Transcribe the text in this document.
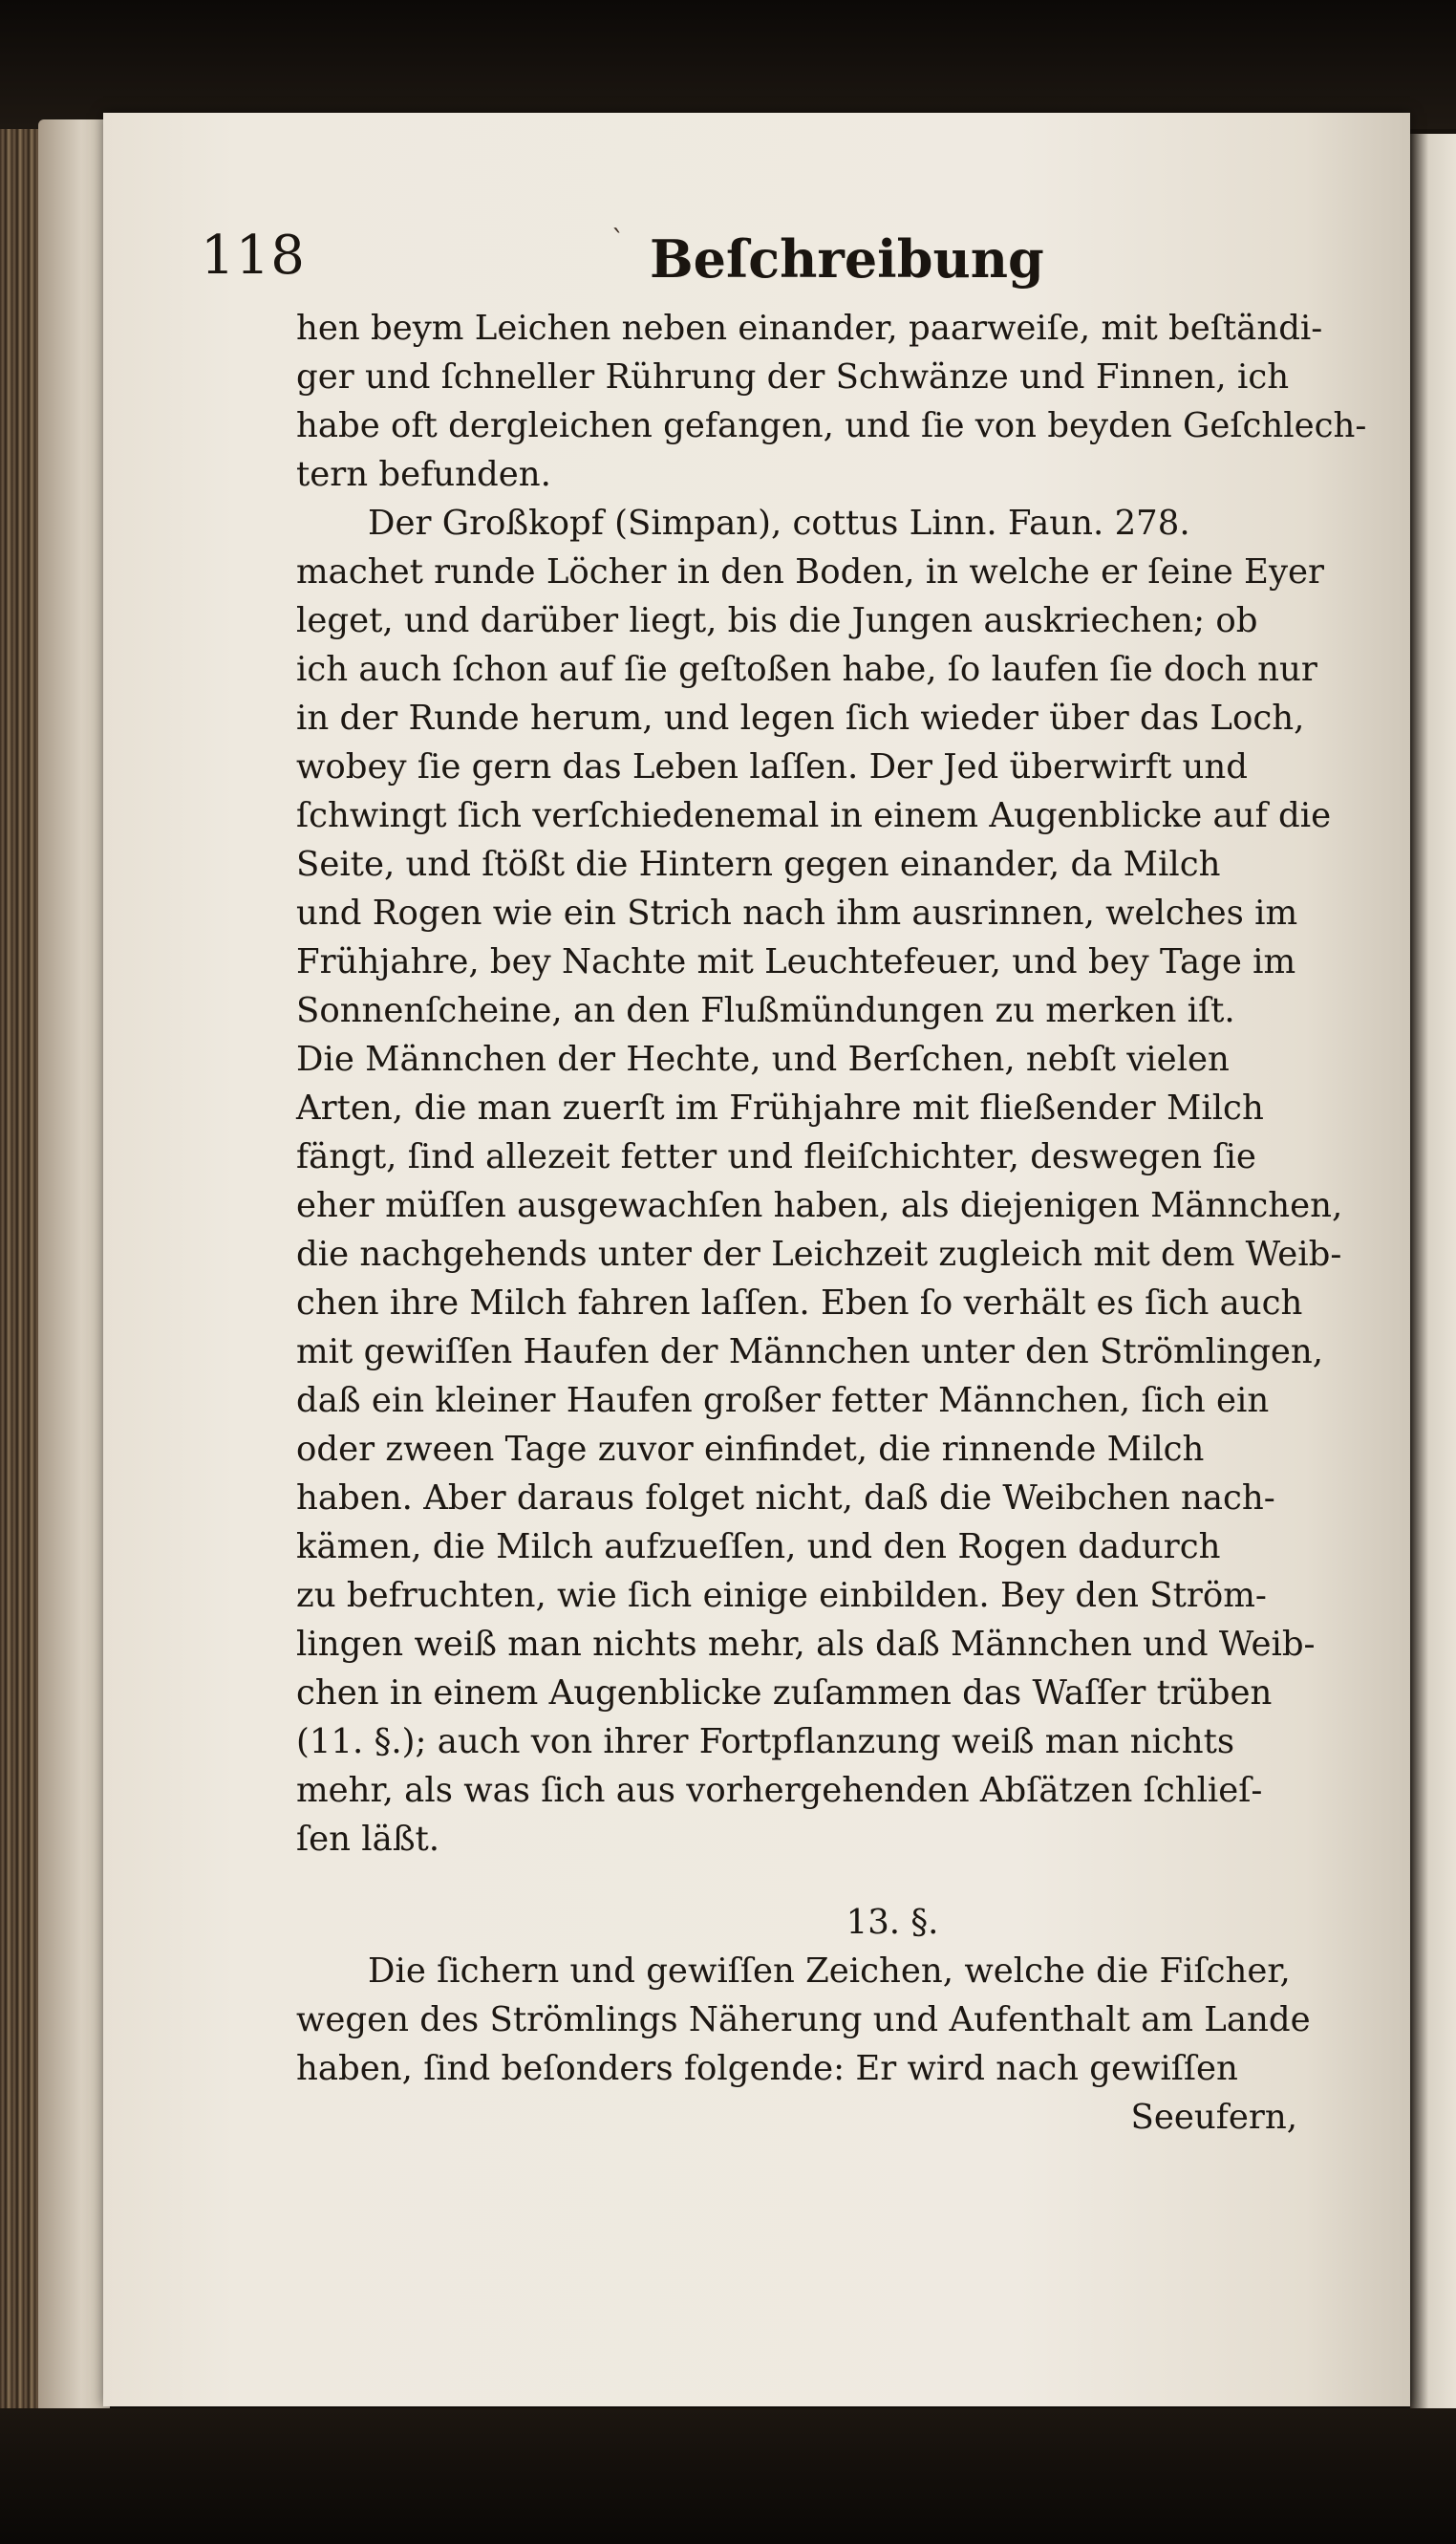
118	` Beſchreibung
hen beym Leichen neben einander, paarweiſe, mit beſtändi-
ger und ſchneller Rührung der Schwänze und Finnen, ich
habe oft dergleichen gefangen, und ſie von beyden Geſchlech-
tern befunden.
Der Großkopf (Simpan), cottus Linn. Faun. 278.
machet runde Löcher in den Boden, in welche er ſeine Eyer
leget, und darüber liegt, bis die Jungen auskriechen; ob
ich auch ſchon auf ſie geſtoßen habe, ſo laufen ſie doch nur
in der Runde herum, und legen ſich wieder über das Loch,
wobey ſie gern das Leben laſſen. Der Jed überwirft und
ſchwingt ſich verſchiedenemal in einem Augenblicke auf die
Seite, und ſtößt die Hintern gegen einander, da Milch
und Rogen wie ein Strich nach ihm ausrinnen, welches im
Frühjahre, bey Nachte mit Leuchtefeuer, und bey Tage im
Sonnenſcheine, an den Flußmündungen zu merken iſt.
Die Männchen der Hechte, und Berſchen, nebſt vielen
Arten, die man zuerſt im Frühjahre mit fließender Milch
fängt, ſind allezeit fetter und fleiſchichter, deswegen ſie
eher müſſen ausgewachſen haben, als diejenigen Männchen,
die nachgehends unter der Leichzeit zugleich mit dem Weib-
chen ihre Milch fahren laſſen. Eben ſo verhält es ſich auch
mit gewiſſen Haufen der Männchen unter den Strömlingen,
daß ein kleiner Haufen großer fetter Männchen, ſich ein
oder zween Tage zuvor einfindet, die rinnende Milch
haben. Aber daraus folget nicht, daß die Weibchen nach-
kämen, die Milch aufzueſſen, und den Rogen dadurch
zu befruchten, wie ſich einige einbilden. Bey den Ström-
lingen weiß man nichts mehr, als daß Männchen und Weib-
chen in einem Augenblicke zuſammen das Waſſer trüben
(11. §.); auch von ihrer Fortpflanzung weiß man nichts
mehr, als was ſich aus vorhergehenden Abſätzen ſchlieſ-
ſen läßt.
13. §.
Die ſichern und gewiſſen Zeichen, welche die Fiſcher,
wegen des Strömlings Näherung und Aufenthalt am Lande
haben, ſind beſonders folgende: Er wird nach gewiſſen
Seeufern,
